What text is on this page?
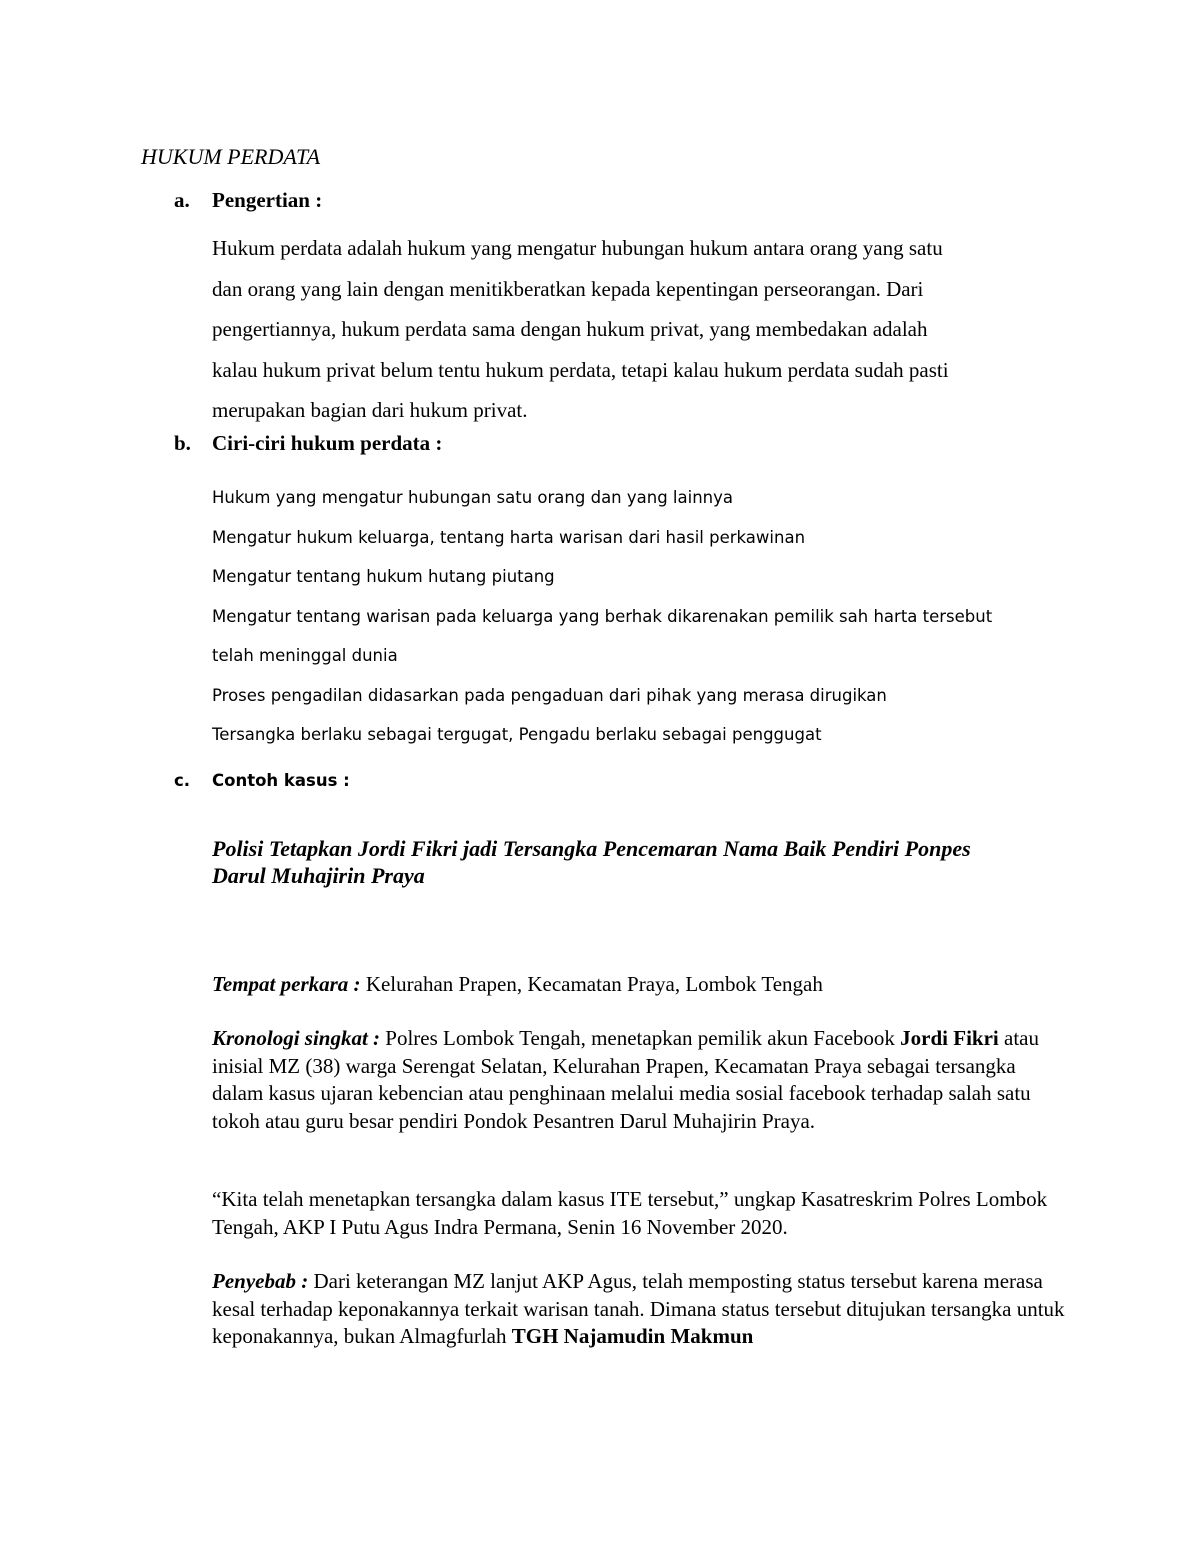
HUKUM PERDATA
a. Pengertian :
Hukum perdata adalah hukum yang mengatur hubungan hukum antara orang yang satu
dan orang yang lain dengan menitikberatkan kepada kepentingan perseorangan. Dari
pengertiannya, hukum perdata sama dengan hukum privat, yang membedakan adalah
kalau hukum privat belum tentu hukum perdata, tetapi kalau hukum perdata sudah pasti
merupakan bagian dari hukum privat.
b. Ciri-ciri hukum perdata :
Hukum yang mengatur hubungan satu orang dan yang lainnya
Mengatur hukum keluarga, tentang harta warisan dari hasil perkawinan
Mengatur tentang hukum hutang piutang
Mengatur tentang warisan pada keluarga yang berhak dikarenakan pemilik sah harta tersebut
telah meninggal dunia
Proses pengadilan didasarkan pada pengaduan dari pihak yang merasa dirugikan
Tersangka berlaku sebagai tergugat, Pengadu berlaku sebagai penggugat
c. Contoh kasus :
Polisi Tetapkan Jordi Fikri jadi Tersangka Pencemaran Nama Baik Pendiri Ponpes
Darul Muhajirin Praya
Tempat perkara : Kelurahan Prapen, Kecamatan Praya, Lombok Tengah
Kronologi singkat : Polres Lombok Tengah, menetapkan pemilik akun Facebook Jordi Fikri atau inisial MZ (38) warga Serengat Selatan, Kelurahan Prapen, Kecamatan Praya sebagai tersangka dalam kasus ujaran kebencian atau penghinaan melalui media sosial facebook terhadap salah satu tokoh atau guru besar pendiri Pondok Pesantren Darul Muhajirin Praya.
“Kita telah menetapkan tersangka dalam kasus ITE tersebut,” ungkap Kasatreskrim Polres Lombok Tengah, AKP I Putu Agus Indra Permana, Senin 16 November 2020.
Penyebab : Dari keterangan MZ lanjut AKP Agus, telah memposting status tersebut karena merasa kesal terhadap keponakannya terkait warisan tanah. Dimana status tersebut ditujukan tersangka untuk keponakannya, bukan Almagfurlah TGH Najamudin Makmun
